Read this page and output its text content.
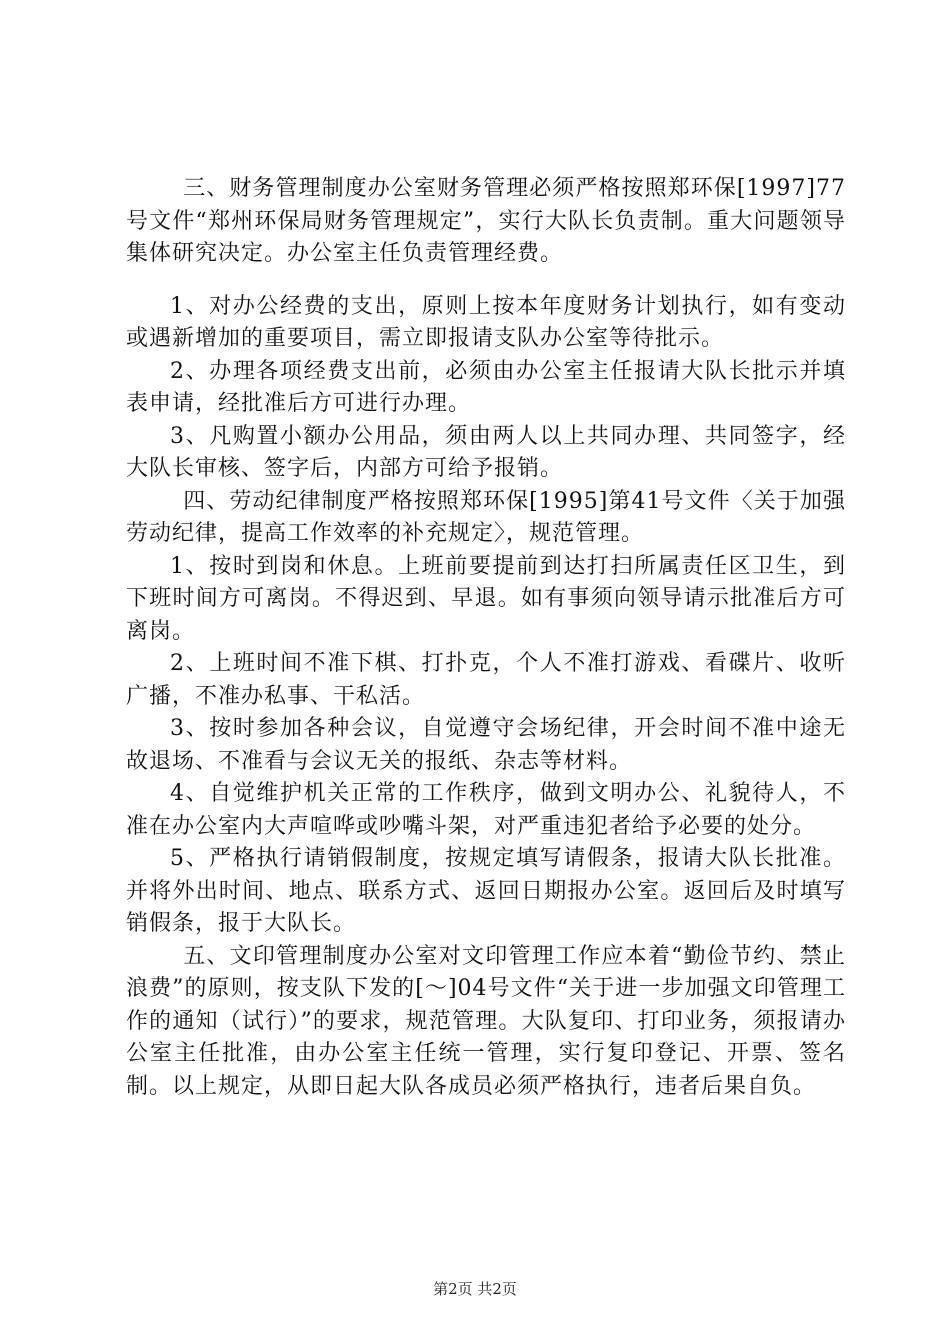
三、财务管理制度办公室财务管理必须严格按照郑环保[1997]77号文件“郑州环保局财务管理规定”，实行大队长负责制。重大问题领导集体研究决定。办公室主任负责管理经费。

1、对办公经费的支出，原则上按本年度财务计划执行，如有变动或遇新增加的重要项目，需立即报请支队办公室等待批示。

2、办理各项经费支出前，必须由办公室主任报请大队长批示并填表申请，经批准后方可进行办理。

3、凡购置小额办公用品，须由两人以上共同办理、共同签字，经大队长审核、签字后，内部方可给予报销。

四、劳动纪律制度严格按照郑环保[1995]第41号文件〈关于加强劳动纪律，提高工作效率的补充规定〉，规范管理。

1、按时到岗和休息。上班前要提前到达打扫所属责任区卫生，到下班时间方可离岗。不得迟到、早退。如有事须向领导请示批准后方可离岗。

2、上班时间不准下棋、打扑克，个人不准打游戏、看碟片、收听广播，不准办私事、干私活。

3、按时参加各种会议，自觉遵守会场纪律，开会时间不准中途无故退场、不准看与会议无关的报纸、杂志等材料。

4、自觉维护机关正常的工作秩序，做到文明办公、礼貌待人，不准在办公室内大声喧哗或吵嘴斗架，对严重违犯者给予必要的处分。

5、严格执行请销假制度，按规定填写请假条，报请大队长批准。并将外出时间、地点、联系方式、返回日期报办公室。返回后及时填写销假条，报于大队长。

五、文印管理制度办公室对文印管理工作应本着“勤俭节约、禁止浪费”的原则，按支队下发的[～]04号文件“关于进一步加强文印管理工作的通知（试行）”的要求，规范管理。大队复印、打印业务，须报请办公室主任批准，由办公室主任统一管理，实行复印登记、开票、签名制。以上规定，从即日起大队各成员必须严格执行，违者后果自负。

第2页 共2页
